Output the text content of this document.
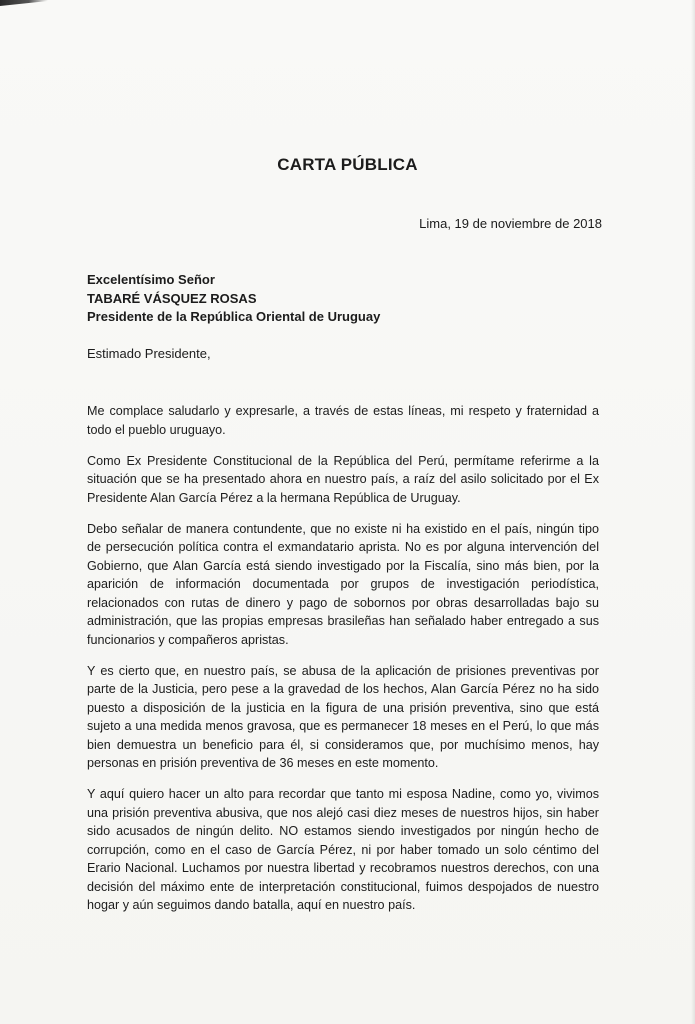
CARTA PÚBLICA
Lima, 19 de noviembre de 2018
Excelentísimo Señor
TABARÉ VÁSQUEZ ROSAS
Presidente de la República Oriental de Uruguay
Estimado Presidente,

Me complace saludarlo y expresarle, a través de estas líneas, mi respeto y fraternidad a todo el pueblo uruguayo.

Como Ex Presidente Constitucional de la República del Perú, permítame referirme a la situación que se ha presentado ahora en nuestro país, a raíz del asilo solicitado por el Ex Presidente Alan García Pérez a la hermana República de Uruguay.

Debo señalar de manera contundente, que no existe ni ha existido en el país, ningún tipo de persecución política contra el exmandatario aprista. No es por alguna intervención del Gobierno, que Alan García está siendo investigado por la Fiscalía, sino más bien, por la aparición de información documentada por grupos de investigación periodística, relacionados con rutas de dinero y pago de sobornos por obras desarrolladas bajo su administración, que las propias empresas brasileñas han señalado haber entregado a sus funcionarios y compañeros apristas.

Y es cierto que, en nuestro país, se abusa de la aplicación de prisiones preventivas por parte de la Justicia, pero pese a la gravedad de los hechos, Alan García Pérez no ha sido puesto a disposición de la justicia en la figura de una prisión preventiva, sino que está sujeto a una medida menos gravosa, que es permanecer 18 meses en el Perú, lo que más bien demuestra un beneficio para él, si consideramos que, por muchísimo menos, hay personas en prisión preventiva de 36 meses en este momento.

Y aquí quiero hacer un alto para recordar que tanto mi esposa Nadine, como yo, vivimos una prisión preventiva abusiva, que nos alejó casi diez meses de nuestros hijos, sin haber sido acusados de ningún delito. NO estamos siendo investigados por ningún hecho de corrupción, como en el caso de García Pérez, ni por haber tomado un solo céntimo del Erario Nacional. Luchamos por nuestra libertad y recobramos nuestros derechos, con una decisión del máximo ente de interpretación constitucional, fuimos despojados de nuestro hogar y aún seguimos dando batalla, aquí en nuestro país.
